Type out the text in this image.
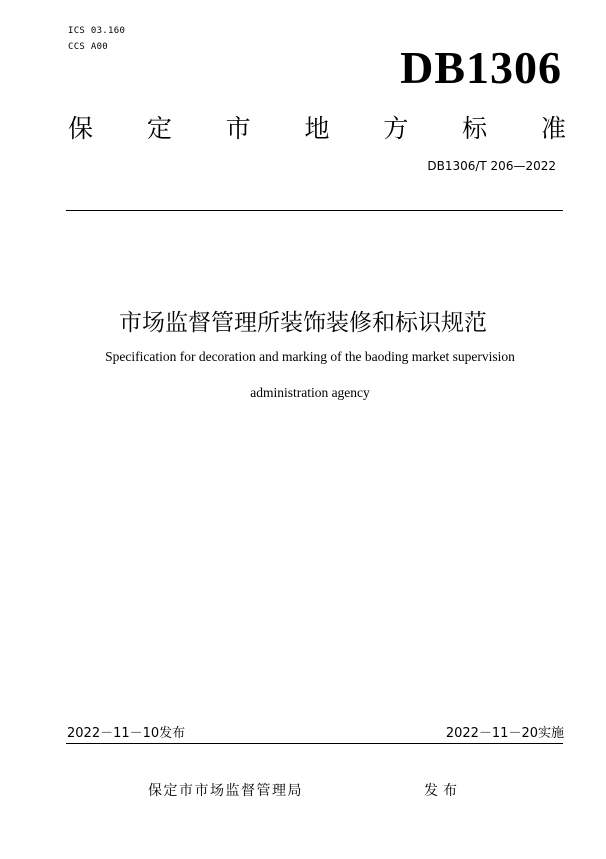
ICS 03.160
CCS A00	DB1306
保 定 市 地 方 标 准
DB1306/T 206—2022
市场监督管理所装饰装修和标识规范
Specification for decoration and marking of the baoding market supervision
administration agency
2022－11－10发布	2022－11－20实施
保定市市场监督管理局	发布
